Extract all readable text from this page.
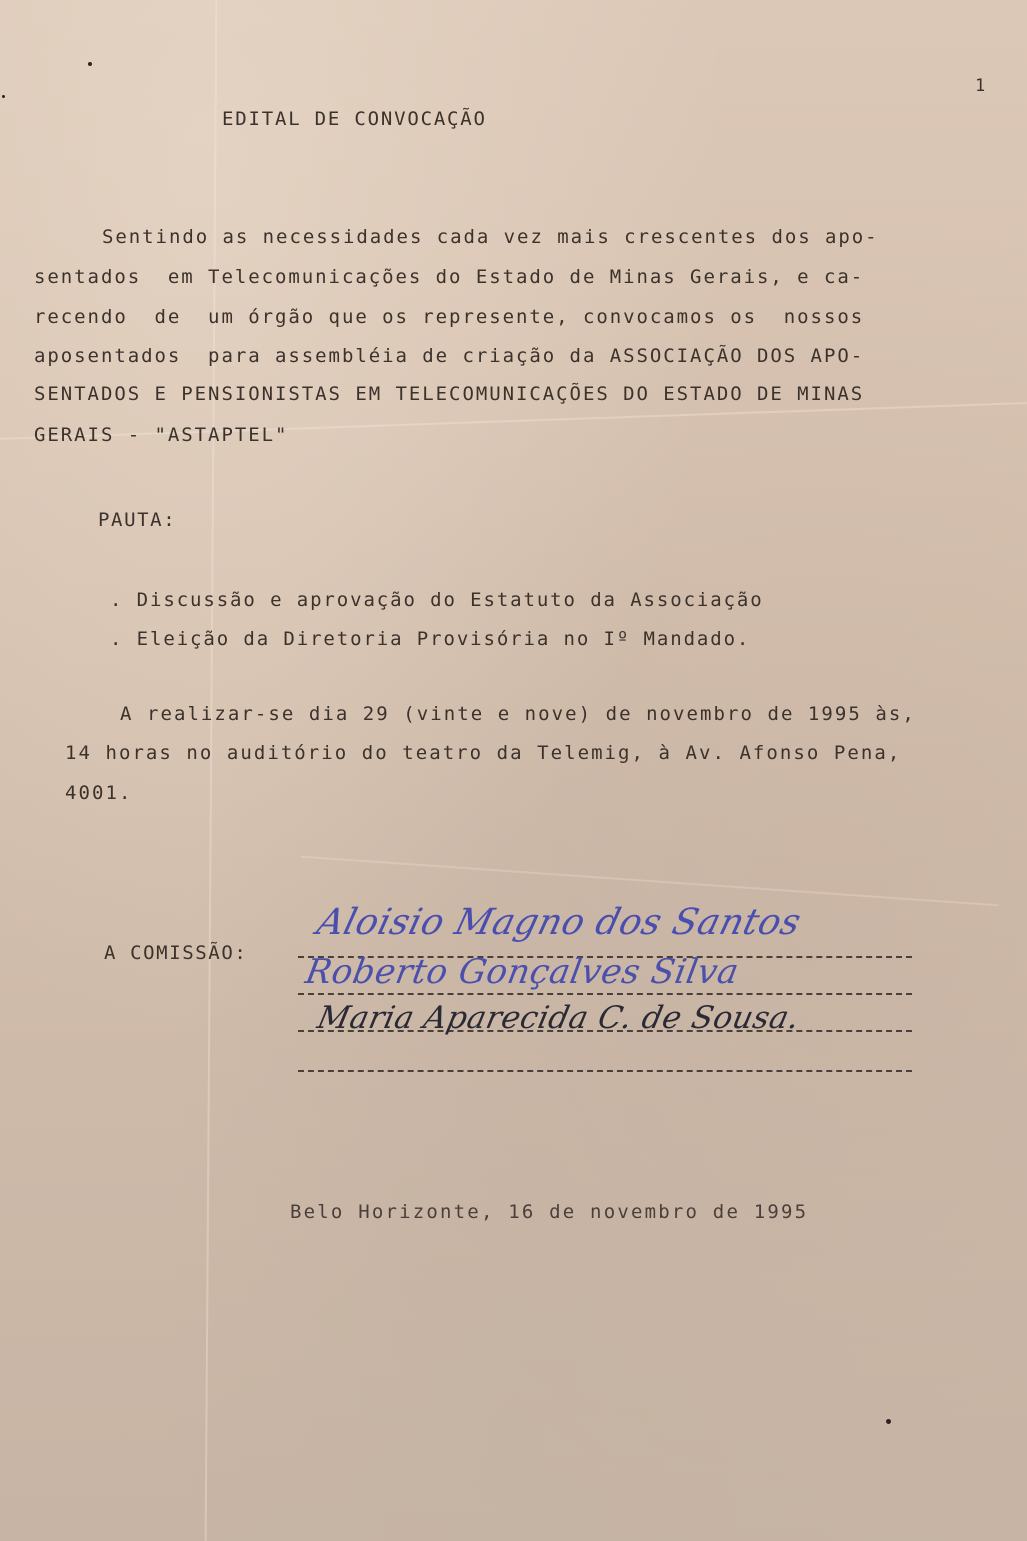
1
EDITAL DE CONVOCAÇÃO
Sentindo as necessidades cada vez mais crescentes dos apo-
sentados  em Telecomunicações do Estado de Minas Gerais, e ca-
recendo  de  um órgão que os represente, convocamos os  nossos
aposentados  para assembléia de criação da ASSOCIAÇÃO DOS APO-
SENTADOS E PENSIONISTAS EM TELECOMUNICAÇÕES DO ESTADO DE MINAS
GERAIS - "ASTAPTEL"
PAUTA:
. Discussão e aprovação do Estatuto da Associação
. Eleição da Diretoria Provisória no Iº Mandado.
A realizar-se dia 29 (vinte e nove) de novembro de 1995 às,
14 horas no auditório do teatro da Telemig, à Av. Afonso Pena,
4001.
A COMISSÃO:
Aloisio Magno dos Santos
Roberto Gonçalves Silva
Maria Aparecida C. de Sousa.
Belo Horizonte, 16 de novembro de 1995
